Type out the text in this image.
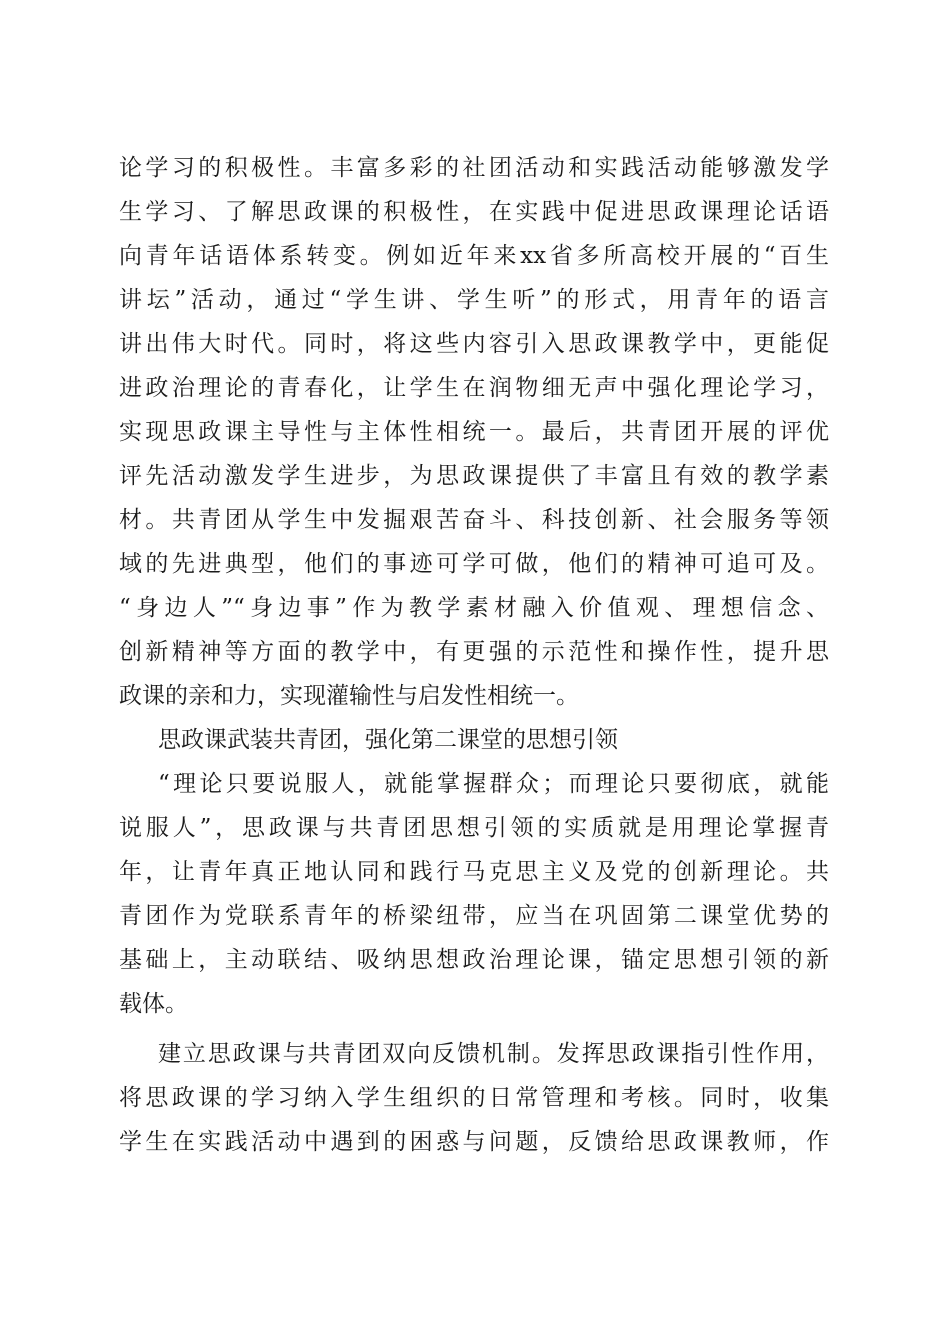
论学习的积极性。丰富多彩的社团活动和实践活动能够激发学
生学习、了解思政课的积极性，在实践中促进思政课理论话语
向青年话语体系转变。例如近年来xx省多所高校开展的“百生
讲坛”活动，通过“学生讲、学生听”的形式，用青年的语言
讲出伟大时代。同时，将这些内容引入思政课教学中，更能促
进政治理论的青春化，让学生在润物细无声中强化理论学习，
实现思政课主导性与主体性相统一。最后，共青团开展的评优
评先活动激发学生进步，为思政课提供了丰富且有效的教学素
材。共青团从学生中发掘艰苦奋斗、科技创新、社会服务等领
域的先进典型，他们的事迹可学可做，他们的精神可追可及。
“身边人”“身边事”作为教学素材融入价值观、理想信念、
创新精神等方面的教学中，有更强的示范性和操作性，提升思
政课的亲和力，实现灌输性与启发性相统一。
思政课武装共青团，强化第二课堂的思想引领
“理论只要说服人，就能掌握群众；而理论只要彻底，就能
说服人”，思政课与共青团思想引领的实质就是用理论掌握青
年，让青年真正地认同和践行马克思主义及党的创新理论。共
青团作为党联系青年的桥梁纽带，应当在巩固第二课堂优势的
基础上，主动联结、吸纳思想政治理论课，锚定思想引领的新
载体。
建立思政课与共青团双向反馈机制。发挥思政课指引性作用，
将思政课的学习纳入学生组织的日常管理和考核。同时，收集
学生在实践活动中遇到的困惑与问题，反馈给思政课教师，作
